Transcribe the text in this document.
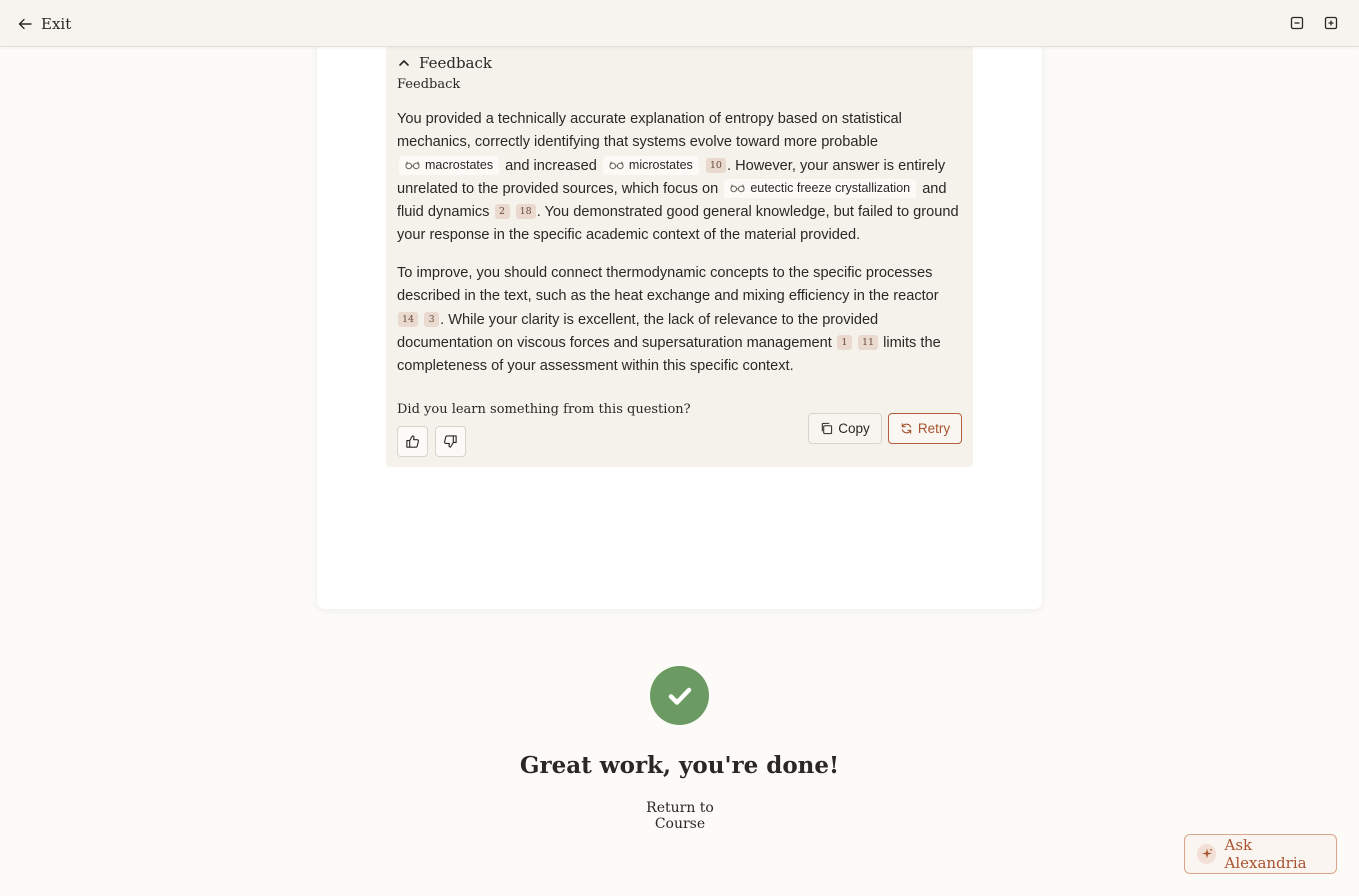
Exit
Feedback
Feedback

You provided a technically accurate explanation of entropy based on statistical mechanics, correctly identifying that systems evolve toward more probable macrostates and increased	microstates 10 . However, your answer is entirely unrelated to the provided sources, which focus on	eutectic freeze crystallization and fluid dynamics 2 18 . You demonstrated good general knowledge, but failed to ground your response in the specific academic context of the material provided.

To improve, you should connect thermodynamic concepts to the specific processes described in the text, such as the heat exchange and mixing efficiency in the reactor 14 3 . While your clarity is excellent, the lack of relevance to the provided documentation on viscous forces and supersaturation management 1 11 limits the completeness of your assessment within this specific context.

Did you learn something from this question?
Copy	Retry
Great work, you're done!
Return to Course
Ask Alexandria
